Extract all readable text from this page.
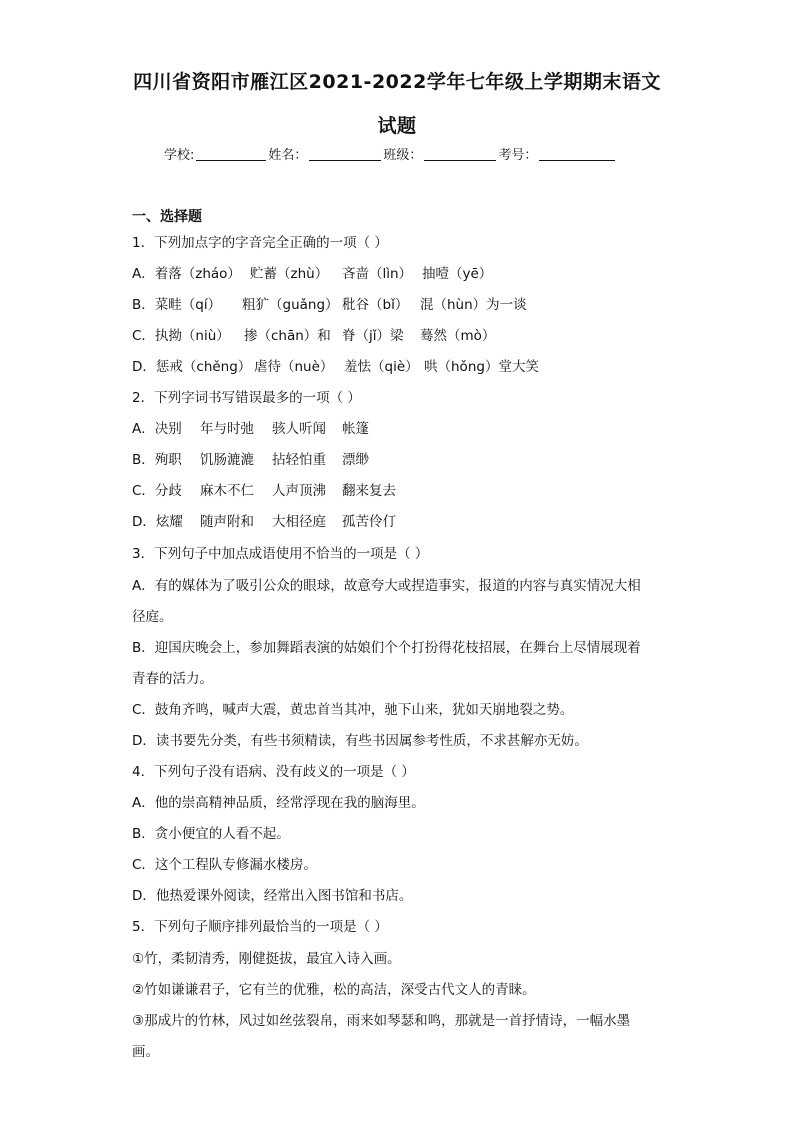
四川省资阳市雁江区2021-2022学年七年级上学期期末语文
试题
学校:	姓名：	班级：	考号：
一、选择题
1．下列加点字的字音完全正确的一项（ ）
A．着落（zháo） 贮蓄（zhù）	吝啬（lìn） 抽噎（yē）
B．菜畦（qí）	粗犷（guǎng） 秕谷（bǐ） 混（hùn）为一谈
C．执拗（niù）	掺（chān）和 脊（jǐ）梁	蓦然（mò）
D．惩戒（chěng） 虐待（nuè） 羞怯（qiè） 哄（hǒng）堂大笑
2．下列字词书写错误最多的一项（ ）
A．决别	年与时弛	骇人听闻	帐篷
B．殉职	饥肠漉漉	拈轻怕重	漂缈
C．分歧	麻木不仁	人声顶沸	翻来复去
D．炫耀	随声附和	大相径庭	孤苦伶仃
3．下列句子中加点成语使用不恰当的一项是（ ）
A．有的媒体为了吸引公众的眼球，故意夸大或捏造事实，报道的内容与真实情况大相
径庭。
B．迎国庆晚会上，参加舞蹈表演的姑娘们个个打扮得花枝招展，在舞台上尽情展现着
青春的活力。
C．鼓角齐鸣，喊声大震，黄忠首当其冲，驰下山来，犹如天崩地裂之势。
D．读书要先分类，有些书须精读，有些书因属参考性质，不求甚解亦无妨。
4．下列句子没有语病、没有歧义的一项是（ ）
A．他的崇高精神品质，经常浮现在我的脑海里。
B．贪小便宜的人看不起。
C．这个工程队专修漏水楼房。
D．他热爱课外阅读，经常出入图书馆和书店。
5．下列句子顺序排列最恰当的一项是（ ）
①竹，柔韧清秀，刚健挺拔，最宜入诗入画。
②竹如谦谦君子，它有兰的优雅，松的高洁，深受古代文人的青睐。
③那成片的竹林，风过如丝弦裂帛，雨来如琴瑟和鸣，那就是一首抒情诗，一幅水墨
画。
